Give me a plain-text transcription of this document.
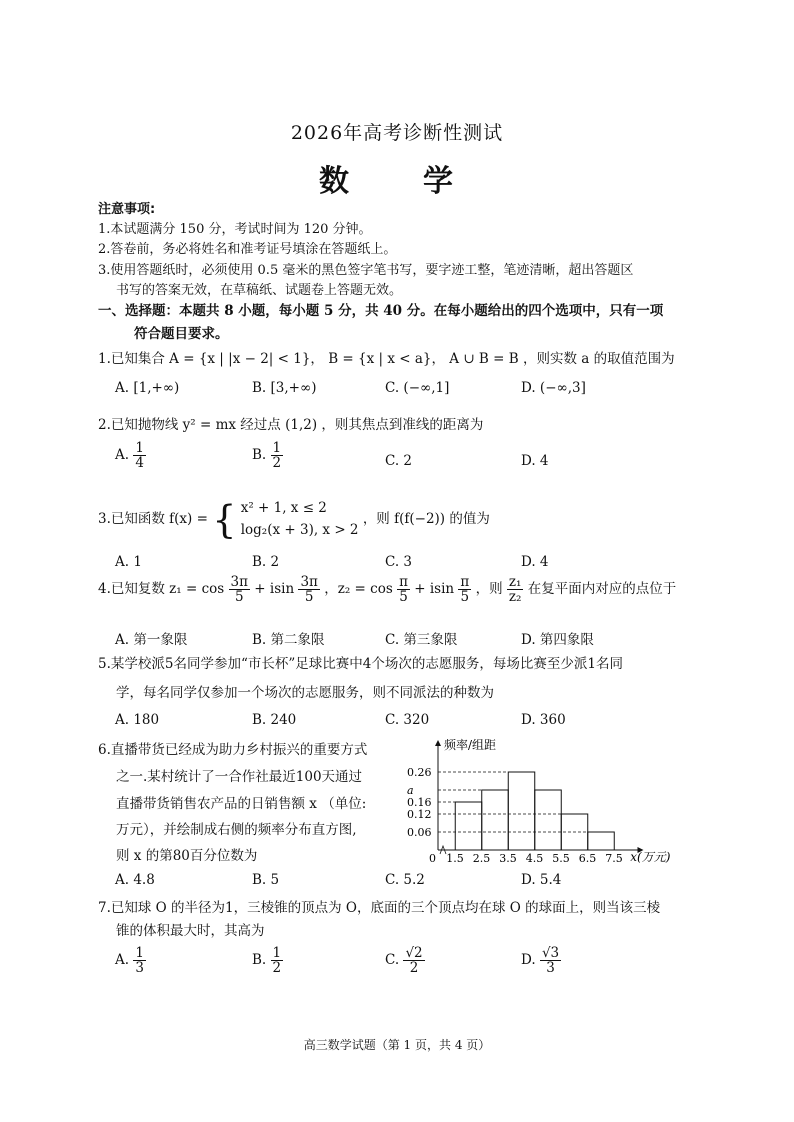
2026年高考诊断性测试
数　学
注意事项:
1.本试题满分 150 分，考试时间为 120 分钟。
2.答卷前，务必将姓名和准考证号填涂在答题纸上。
3.使用答题纸时，必须使用 0.5 毫米的黑色签字笔书写，要字迹工整，笔迹清晰，超出答题区
书写的答案无效，在草稿纸、试题卷上答题无效。
一、选择题：本题共 8 小题，每小题 5 分，共 40 分。在每小题给出的四个选项中，只有一项
符合题目要求。
1.已知集合 A = {x | |x − 2| < 1}， B = {x | x < a}， A ∪ B = B ，则实数 a 的取值范围为
A. [1,+∞)	B. [3,+∞)	C. (−∞,1]	D. (−∞,3]
2.已知抛物线 y² = mx 经过点 (1,2) ，则其焦点到准线的距离为
A. $\frac{1}{4}$	B. $\frac{1}{2}$	C. 2	D. 4
3.已知函数 f(x) = { x² + 1, x ≤ 2
log₂(x + 3), x > 2
，则 f(f(−2)) 的值为
A. 1	B. 2	C. 3	D. 4
4.已知复数 $z_1 = \cos \frac{3\pi}{5} + isin \frac{3\pi}{5}$ ，$z_2 = \cos \frac{\pi}{5} + isin \frac{\pi}{5}$ ，则 $\frac{\text{z₁}}{\text{z₂}}$ 在复平面内对应的点位于
A. 第一象限	B. 第二象限	C. 第三象限	D. 第四象限
5.某学校派5名同学参加“市长杯”足球比赛中4个场次的志愿服务，每场比赛至少派1名同
学，每名同学仅参加一个场次的志愿服务，则不同派法的种数为
A. 180	B. 240	C. 320	D. 360
6.直播带货已经成为助力乡村振兴的重要方式
之一.某村统计了一合作社最近100天通过
直播带货销售农产品的日销售额 x （单位:
万元），并绘制成右侧的频率分布直方图,
则 x 的第80百分位数为
A. 4.8	B. 5	C. 5.2	D. 5.4
频率/组距
x(万元)
0 1.5 2.5 3.5 4.5 5.5 6.5 7.5
0.26
a
0.16
0.12
0.06
7.已知球 O 的半径为1，三棱锥的顶点为 O，底面的三个顶点均在球 O 的球面上，则当该三棱
锥的体积最大时，其高为
A. $\frac{1}{3}$	B. $\frac{1}{2}$	C. $\frac{√2}{2}$	D. $\frac{√3}{3}$
高三数学试题（第 1 页，共 4 页）
